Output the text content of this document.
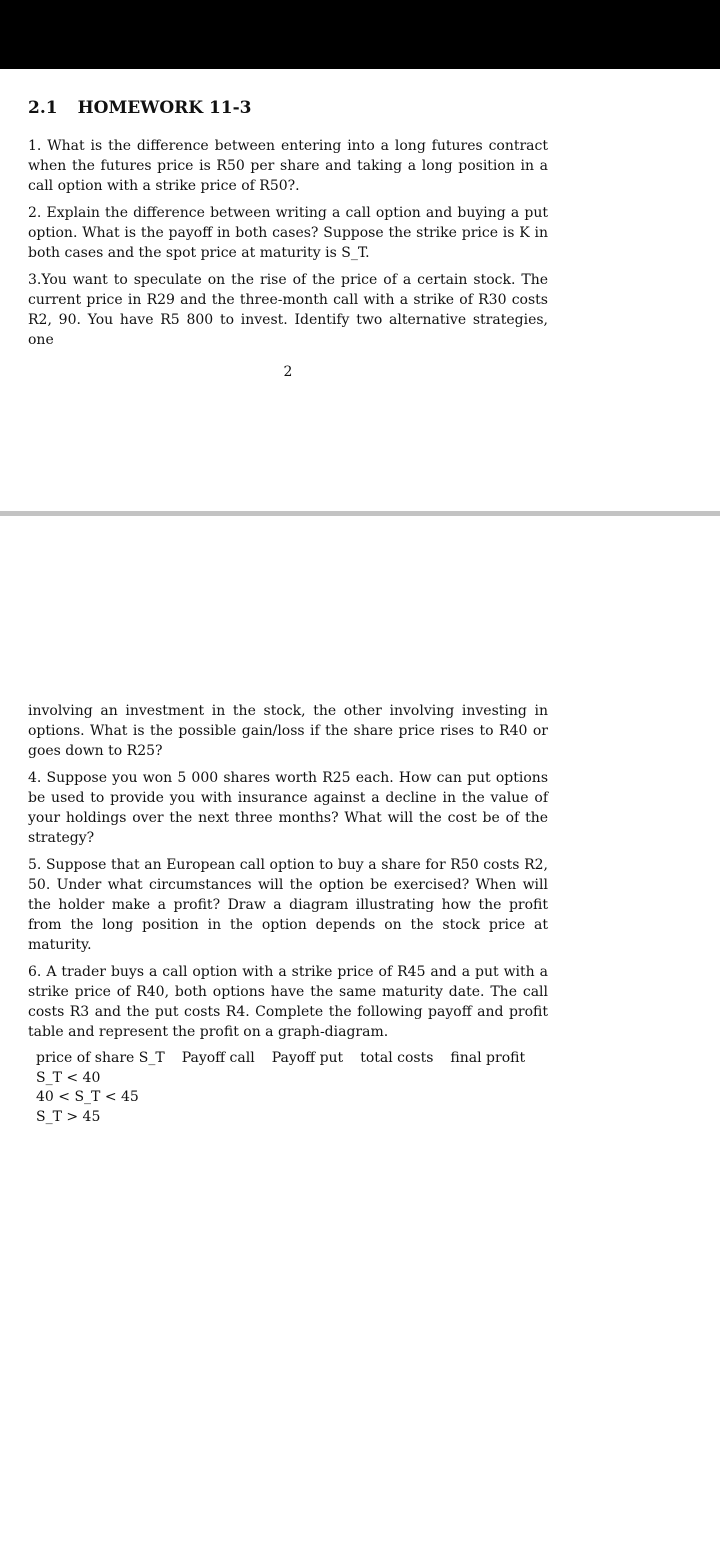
2.1 HOMEWORK 11-3

1. What is the difference between entering into a long futures contract when the futures price is R50 per share and taking a long position in a call option with a strike price of R50?.

2. Explain the difference between writing a call option and buying a put option. What is the payoff in both cases? Suppose the strike price is K in both cases and the spot price at maturity is S_T.

3.You want to speculate on the rise of the price of a certain stock. The current price in R29 and the three-month call with a strike of R30 costs R2, 90. You have R5 800 to invest. Identify two alternative strategies, one

2

involving an investment in the stock, the other involving investing in options. What is the possible gain/loss if the share price rises to R40 or goes down to R25?

4. Suppose you won 5 000 shares worth R25 each. How can put options be used to provide you with insurance against a decline in the value of your holdings over the next three months? What will the cost be of the strategy?

5. Suppose that an European call option to buy a share for R50 costs R2, 50. Under what circumstances will the option be exercised? When will the holder make a profit? Draw a diagram illustrating how the profit from the long position in the option depends on the stock price at maturity.

6. A trader buys a call option with a strike price of R45 and a put with a strike price of R40, both options have the same maturity date. The call costs R3 and the put costs R4. Complete the following payoff and profit table and represent the profit on a graph-diagram.

price of share S_T	Payoff call	Payoff put	total costs	final profit
S_T < 40				
40 < S_T < 45				
S_T > 45				
